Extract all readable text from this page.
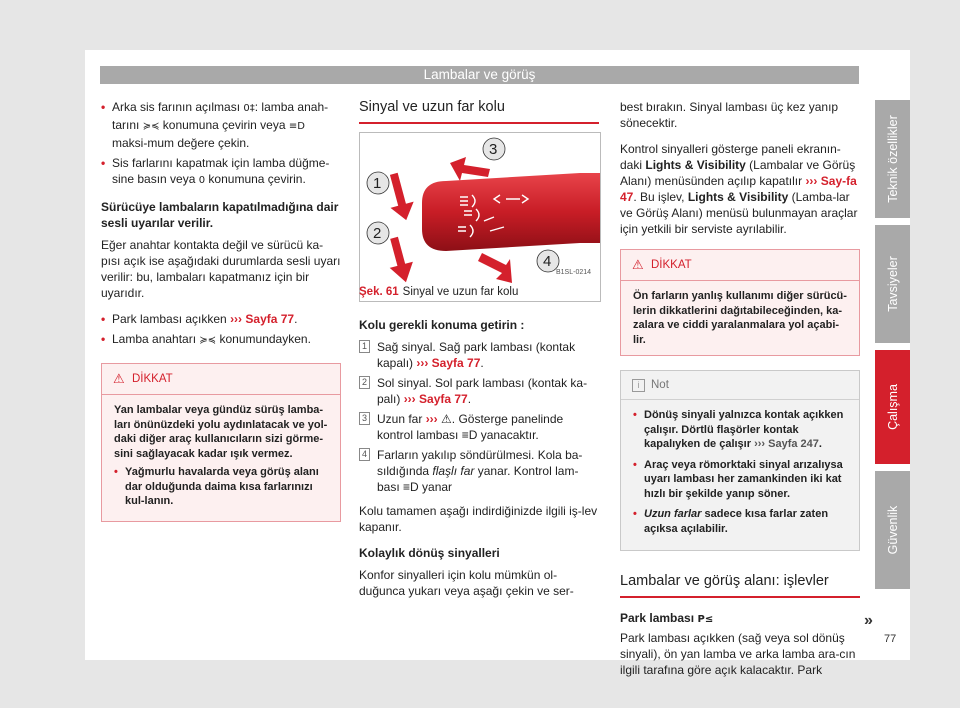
Lambalar ve görüş
• Arka sis farının açılması 0‡: lamba anah-tarını ≽≼ konumuna çevirin veya ≡D maksi-mum değere çekin.
• Sis farlarını kapatmak için lamba düğme-sine basın veya 0 konumuna çevirin.
Sürücüye lambaların kapatılmadığına dair sesli uyarılar verilir.

Eğer anahtar kontakta değil ve sürücü ka-pısı açık ise aşağıdaki durumlarda sesli uyarı verilir: bu, lambaları kapatmanız için bir uyarıdır.

• Park lambası açıkken ››› Sayfa 77.
• Lamba anahtarı ≽≼ konumundayken.
⚠ DİKKAT
Yan lambalar veya gündüz sürüş lamba-ları önünüzdeki yolu aydınlatacak ve yol-daki diğer araç kullanıcıların sizi görme-sini sağlayacak kadar ışık vermez.
• Yağmurlu havalarda veya görüş alanı dar olduğunda daima kısa farlarınızı kul-lanın.
Sinyal ve uzun far kolu
1
2
3
4
B1SL-0214
Şek. 61 Sinyal ve uzun far kolu
Kolu gerekli konuma getirin :
1 Sağ sinyal. Sağ park lambası (kontak kapalı) ››› Sayfa 77.
2 Sol sinyal. Sol park lambası (kontak ka-palı) ››› Sayfa 77.
3 Uzun far ››› ⚠. Gösterge panelinde kontrol lambası ≡D yanacaktır.
4 Farların yakılıp söndürülmesi. Kola ba-sıldığında flaşlı far yanar. Kontrol lam-bası ≡D yanar

Kolu tamamen aşağı indirdiğinizde ilgili iş-lev kapanır.

Kolaylık dönüş sinyalleri

Konfor sinyalleri için kolu mümkün ol-duğunca yukarı veya aşağı çekin ve ser-

best bırakın. Sinyal lambası üç kez yanıp sönecektir.

Kontrol sinyalleri gösterge paneli ekranın-daki Lights & Visibility (Lambalar ve Görüş Alanı) menüsünden açılıp kapatılır ››› Say-fa 47. Bu işlev, Lights & Visibility (Lamba-lar ve Görüş Alanı) menüsü bulunmayan araçlar için yetkili bir serviste ayrılabilir.

⚠ DİKKAT
Ön farların yanlış kullanımı diğer sürücü-lerin dikkatlerini dağıtabileceğinden, ka-zalara ve ciddi yaralanmalara yol açabi-lir.
i	Not
• Dönüş sinyali yalnızca kontak açıkken çalışır. Dörtlü flaşörler kontak kapalıyken de çalışır ››› Sayfa 247.
• Araç veya römorktaki sinyal arızalıysa uyarı lambası her zamankinden iki kat hızlı bir şekilde yanıp söner.
• Uzun farlar sadece kısa farlar zaten açıksa açılabilir.
Lambalar ve görüş alanı: işlevler
Park lambası P≤

Park lambası açıkken (sağ veya sol dönüş sinyali), ön yan lamba ve arka lamba ara-cın ilgili tarafına göre açık kalacaktır. Park

»
Teknik özellikler
Tavsiyeler
Çalışma
Güvenlik
77
